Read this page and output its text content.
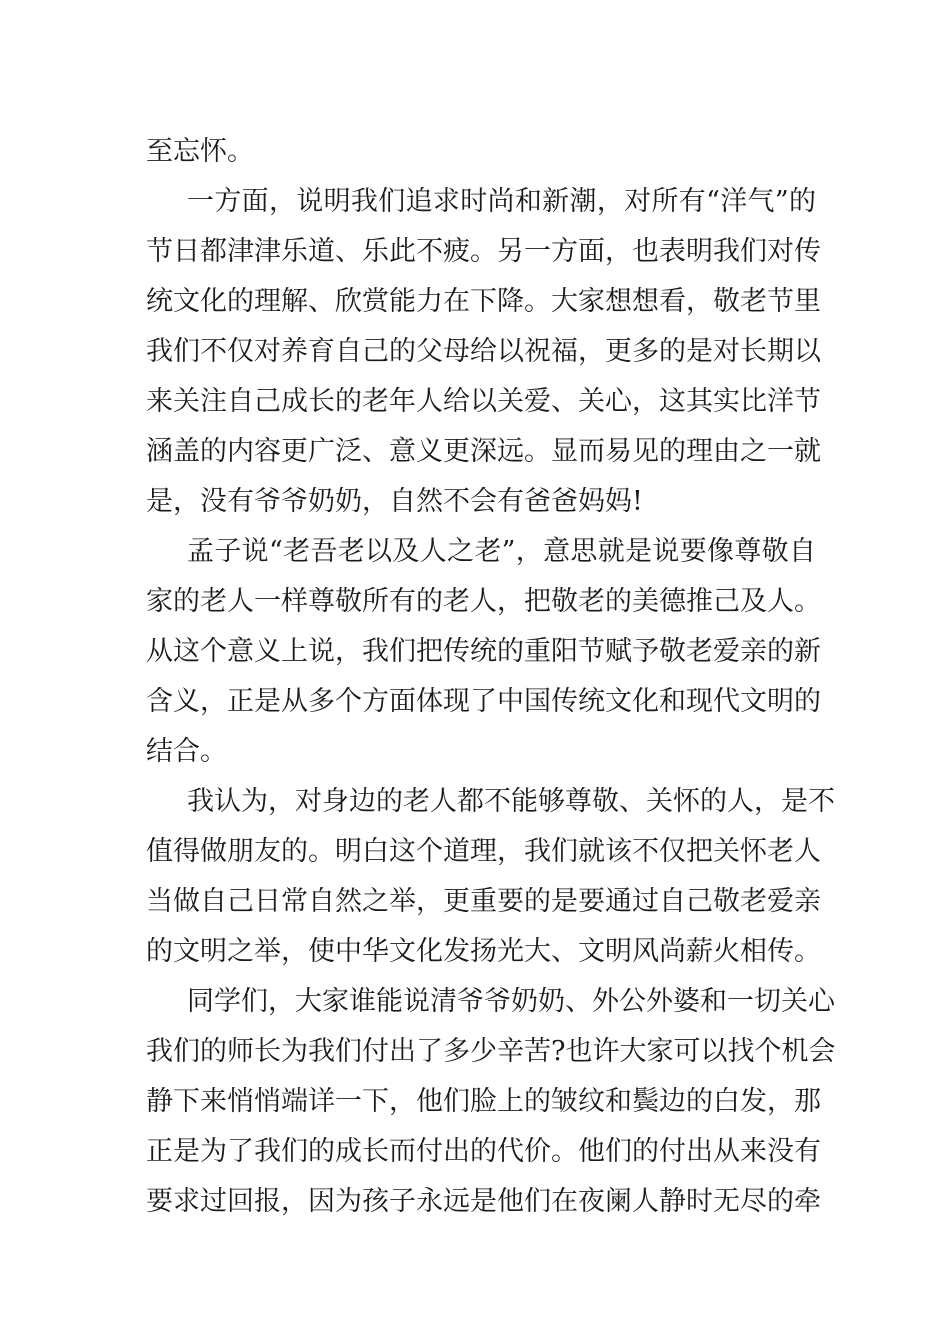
至忘怀。
一方面，说明我们追求时尚和新潮，对所有“洋气”的
节日都津津乐道、乐此不疲。另一方面，也表明我们对传
统文化的理解、欣赏能力在下降。大家想想看，敬老节里
我们不仅对养育自己的父母给以祝福，更多的是对长期以
来关注自己成长的老年人给以关爱、关心，这其实比洋节
涵盖的内容更广泛、意义更深远。显而易见的理由之一就
是，没有爷爷奶奶，自然不会有爸爸妈妈!
孟子说“老吾老以及人之老”，意思就是说要像尊敬自
家的老人一样尊敬所有的老人，把敬老的美德推己及人。
从这个意义上说，我们把传统的重阳节赋予敬老爱亲的新
含义，正是从多个方面体现了中国传统文化和现代文明的
结合。
我认为，对身边的老人都不能够尊敬、关怀的人，是不
值得做朋友的。明白这个道理，我们就该不仅把关怀老人
当做自己日常自然之举，更重要的是要通过自己敬老爱亲
的文明之举，使中华文化发扬光大、文明风尚薪火相传。
同学们，大家谁能说清爷爷奶奶、外公外婆和一切关心
我们的师长为我们付出了多少辛苦?也许大家可以找个机会
静下来悄悄端详一下，他们脸上的皱纹和鬓边的白发，那
正是为了我们的成长而付出的代价。他们的付出从来没有
要求过回报，因为孩子永远是他们在夜阑人静时无尽的牵
